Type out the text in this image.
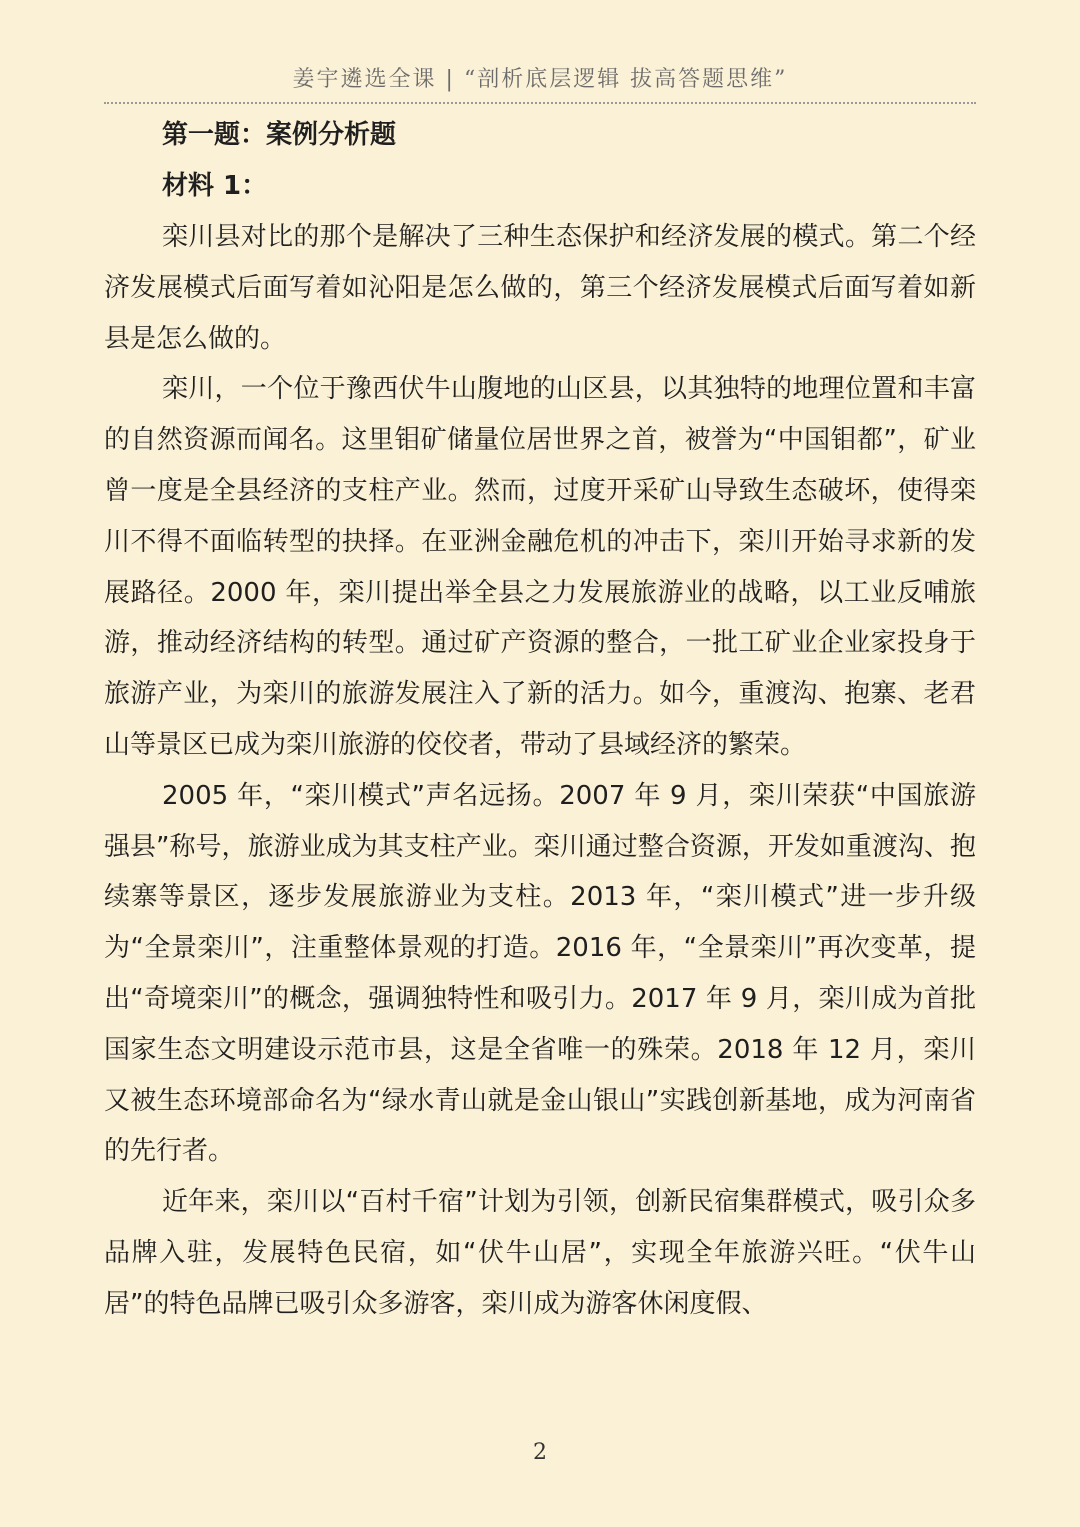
姜宇遴选全课 | “剖析底层逻辑 拔高答题思维”

第一题：案例分析题

材料 1：

栾川县对比的那个是解决了三种生态保护和经济发展的模式。第二个经济发展模式后面写着如沁阳是怎么做的，第三个经济发展模式后面写着如新县是怎么做的。

栾川，一个位于豫西伏牛山腹地的山区县，以其独特的地理位置和丰富的自然资源而闻名。这里钼矿储量位居世界之首，被誉为“中国钼都”，矿业曾一度是全县经济的支柱产业。然而，过度开采矿山导致生态破坏，使得栾川不得不面临转型的抉择。在亚洲金融危机的冲击下，栾川开始寻求新的发展路径。2000 年，栾川提出举全县之力发展旅游业的战略，以工业反哺旅游，推动经济结构的转型。通过矿产资源的整合，一批工矿业企业家投身于旅游产业，为栾川的旅游发展注入了新的活力。如今，重渡沟、抱寨、老君山等景区已成为栾川旅游的佼佼者，带动了县域经济的繁荣。

2005 年，“栾川模式”声名远扬。2007 年 9 月，栾川荣获“中国旅游强县”称号，旅游业成为其支柱产业。栾川通过整合资源，开发如重渡沟、抱续寨等景区，逐步发展旅游业为支柱。2013 年，“栾川模式”进一步升级为“全景栾川”，注重整体景观的打造。2016 年，“全景栾川”再次变革，提出“奇境栾川”的概念，强调独特性和吸引力。2017 年 9 月，栾川成为首批国家生态文明建设示范市县，这是全省唯一的殊荣。2018 年 12 月，栾川又被生态环境部命名为“绿水青山就是金山银山”实践创新基地，成为河南省的先行者。

近年来，栾川以“百村千宿”计划为引领，创新民宿集群模式，吸引众多品牌入驻，发展特色民宿，如“伏牛山居”，实现全年旅游兴旺。“伏牛山居”的特色品牌已吸引众多游客，栾川成为游客休闲度假、

2
